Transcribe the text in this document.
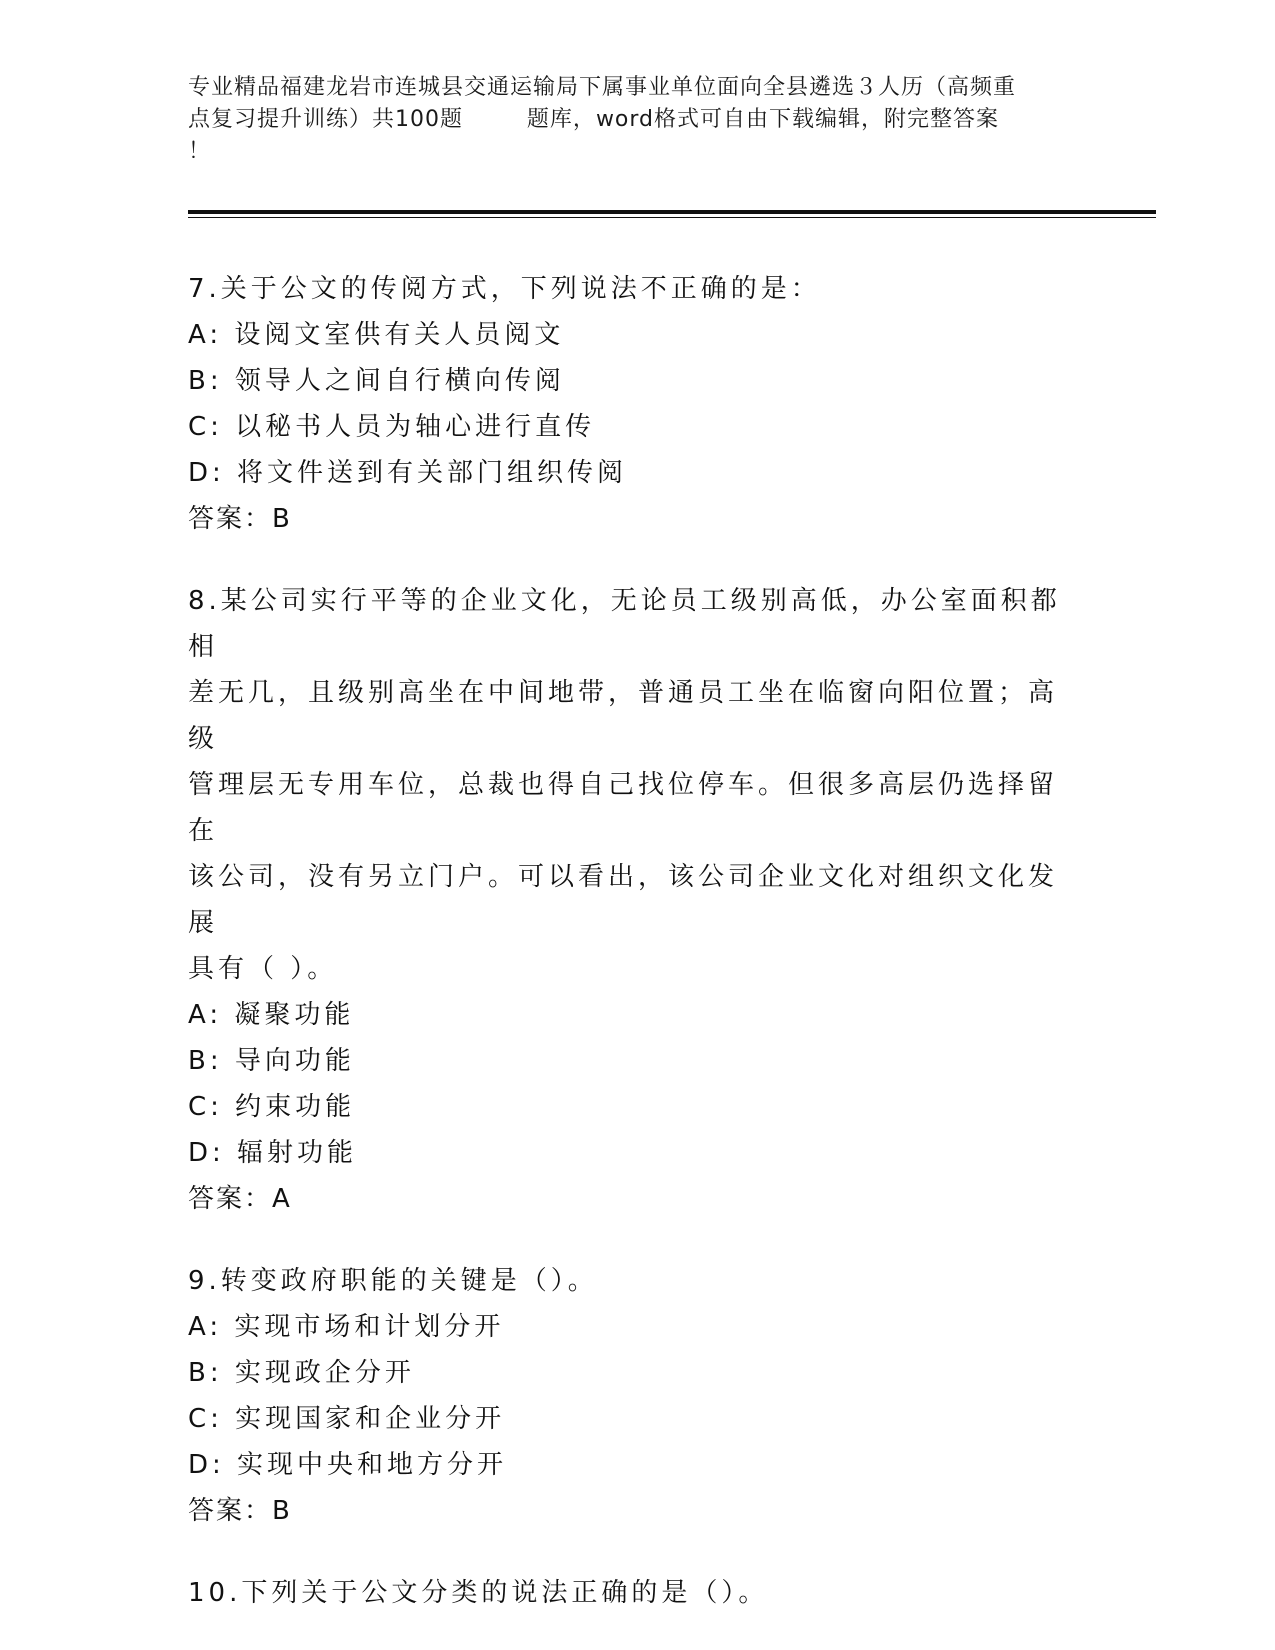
专业精品福建龙岩市连城县交通运输局下属事业单位面向全县遴选３人历（高频重
点复习提升训练）共100题        题库，word格式可自由下载编辑，附完整答案
！
7.关于公文的传阅方式，下列说法不正确的是：
A: 设阅文室供有关人员阅文
B: 领导人之间自行横向传阅
C: 以秘书人员为轴心进行直传
D: 将文件送到有关部门组织传阅
答案：B
8.某公司实行平等的企业文化，无论员工级别高低，办公室面积都相
差无几，且级别高坐在中间地带，普通员工坐在临窗向阳位置；高级
管理层无专用车位，总裁也得自己找位停车。但很多高层仍选择留在
该公司，没有另立门户。可以看出，该公司企业文化对组织文化发展
具有（ ）。
A: 凝聚功能
B: 导向功能
C: 约束功能
D: 辐射功能
答案：A
9.转变政府职能的关键是（）。
A: 实现市场和计划分开
B: 实现政企分开
C: 实现国家和企业分开
D: 实现中央和地方分开
答案：B
10.下列关于公文分类的说法正确的是（）。
